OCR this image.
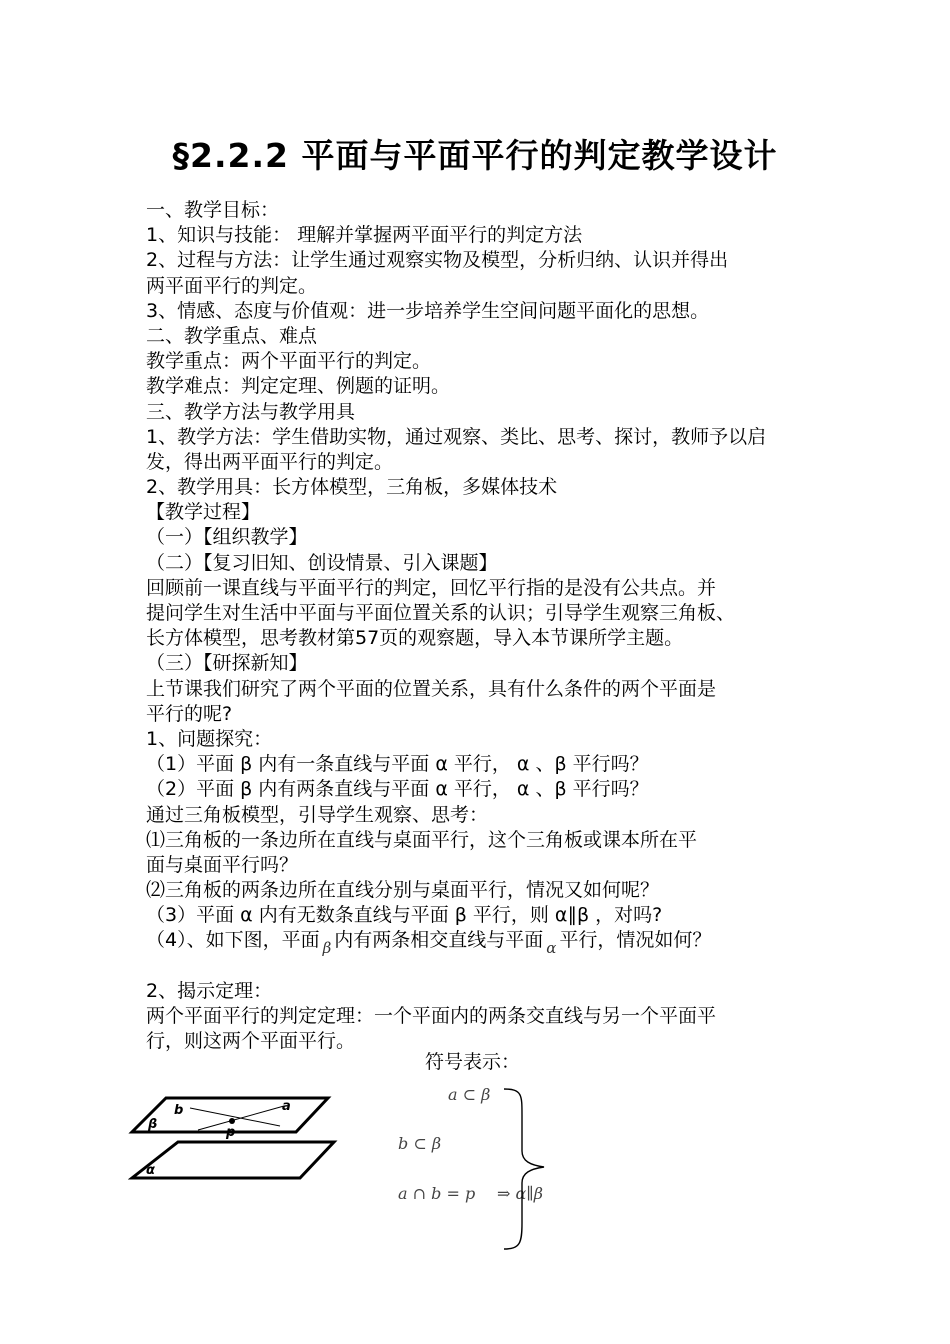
§2.2.2 平面与平面平行的判定教学设计
一、教学目标：
1、知识与技能： 理解并掌握两平面平行的判定方法
2、过程与方法：让学生通过观察实物及模型，分析归纳、认识并得出
两平面平行的判定。
3、情感、态度与价值观：进一步培养学生空间问题平面化的思想。
二、教学重点、难点
教学重点：两个平面平行的判定。
教学难点：判定定理、例题的证明。
三、教学方法与教学用具
1、教学方法：学生借助实物，通过观察、类比、思考、探讨，教师予以启
发，得出两平面平行的判定。
2、教学用具：长方体模型，三角板，多媒体技术
【教学过程】
（一）【组织教学】
（二）【复习旧知、创设情景、引入课题】
回顾前一课直线与平面平行的判定，回忆平行指的是没有公共点。并
提问学生对生活中平面与平面位置关系的认识；引导学生观察三角板、
长方体模型，思考教材第57页的观察题，导入本节课所学主题。
（三）【研探新知】
上节课我们研究了两个平面的位置关系，具有什么条件的两个平面是
平行的呢?
1、问题探究：
（1）平面 β 内有一条直线与平面 α 平行， α 、β 平行吗？
（2）平面 β 内有两条直线与平面 α 平行， α 、β 平行吗？
通过三角板模型，引导学生观察、思考：
⑴三角板的一条边所在直线与桌面平行，这个三角板或课本所在平
面与桌面平行吗？
⑵三角板的两条边所在直线分别与桌面平行，情况又如何呢？
（3）平面 α 内有无数条直线与平面 β 平行，则 α∥β ，对吗?
（4）、如下图，平面 $_\beta$ 内有两条相交直线与平面 $_\alpha$ 平行，情况如何？
2、揭示定理：
两个平面平行的判定定理：一个平面内的两条交直线与另一个平面平
行，则这两个平面平行。
符号表示：
a
b
p
β
α
a ⊂ β
b ⊂ β
a ∩ b = p ⇒ α∥β
